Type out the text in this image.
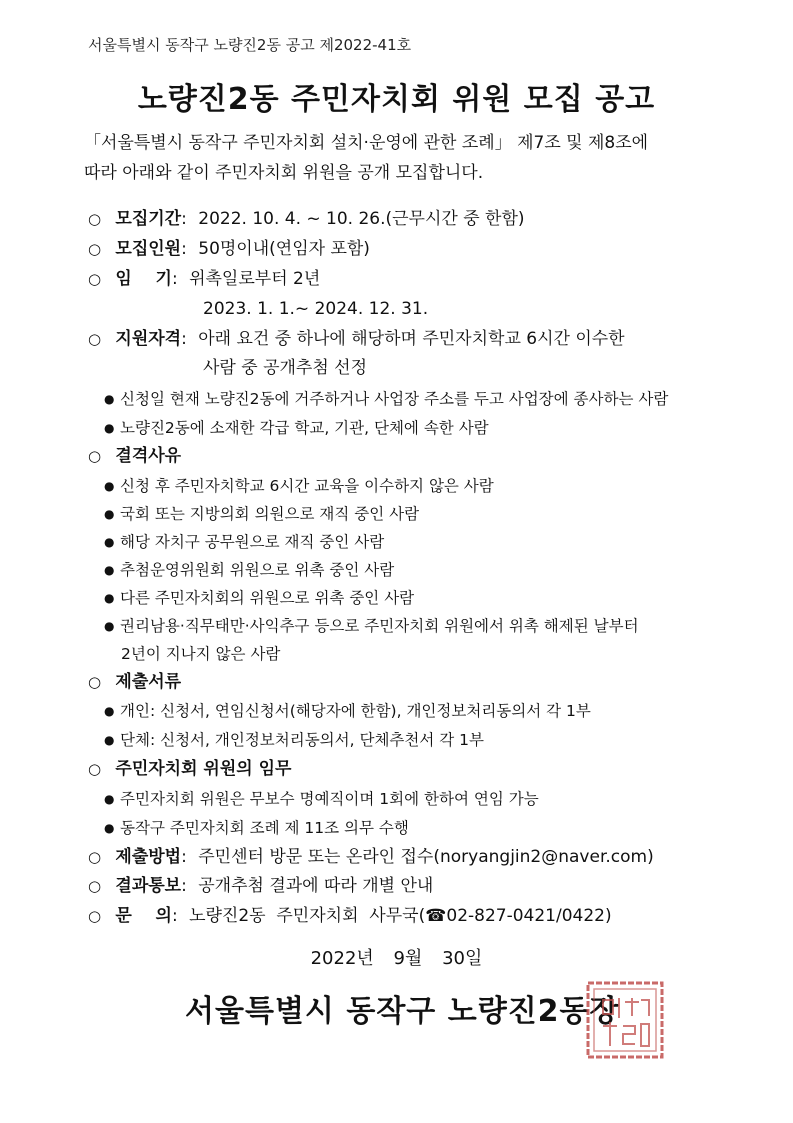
서울특별시 동작구 노량진2동 공고 제2022-41호
노량진2동 주민자치회 위원 모집 공고
「서울특별시 동작구 주민자치회 설치·운영에 관한 조례」 제7조 및 제8조에
따라 아래와 같이 주민자치회 위원을 공개 모집합니다.
○ 모집기간: 2022. 10. 4. ~ 10. 26.(근무시간 중 한함)
○ 모집인원: 50명이내(연임자 포함)
○ 임    기: 위촉일로부터 2년
2023. 1. 1.~ 2024. 12. 31.
○ 지원자격: 아래 요건 중 하나에 해당하며 주민자치학교 6시간 이수한
사람 중 공개추첨 선정
● 신청일 현재 노량진2동에 거주하거나 사업장 주소를 두고 사업장에 종사하는 사람
● 노량진2동에 소재한 각급 학교, 기관, 단체에 속한 사람
○ 결격사유
● 신청 후 주민자치학교 6시간 교육을 이수하지 않은 사람
● 국회 또는 지방의회 의원으로 재직 중인 사람
● 해당 자치구 공무원으로 재직 중인 사람
● 추첨운영위원회 위원으로 위촉 중인 사람
● 다른 주민자치회의 위원으로 위촉 중인 사람
● 권리남용·직무태만·사익추구 등으로 주민자치회 위원에서 위촉 해제된 날부터
2년이 지나지 않은 사람
○ 제출서류
● 개인: 신청서, 연임신청서(해당자에 한함), 개인정보처리동의서 각 1부
● 단체: 신청서, 개인정보처리동의서, 단체추천서 각 1부
○ 주민자치회 위원의 임무
● 주민자치회 위원은 무보수 명예직이며 1회에 한하여 연임 가능
● 동작구 주민자치회 조례 제 11조 의무 수행
○ 제출방법: 주민센터 방문 또는 온라인 접수(noryangjin2@naver.com)
○ 결과통보: 공개추첨 결과에 따라 개별 안내
○ 문    의: 노량진2동  주민자치회  사무국(☎02-827-0421/0422)
2022년 9월 30일
서울특별시 동작구 노량진2동장
